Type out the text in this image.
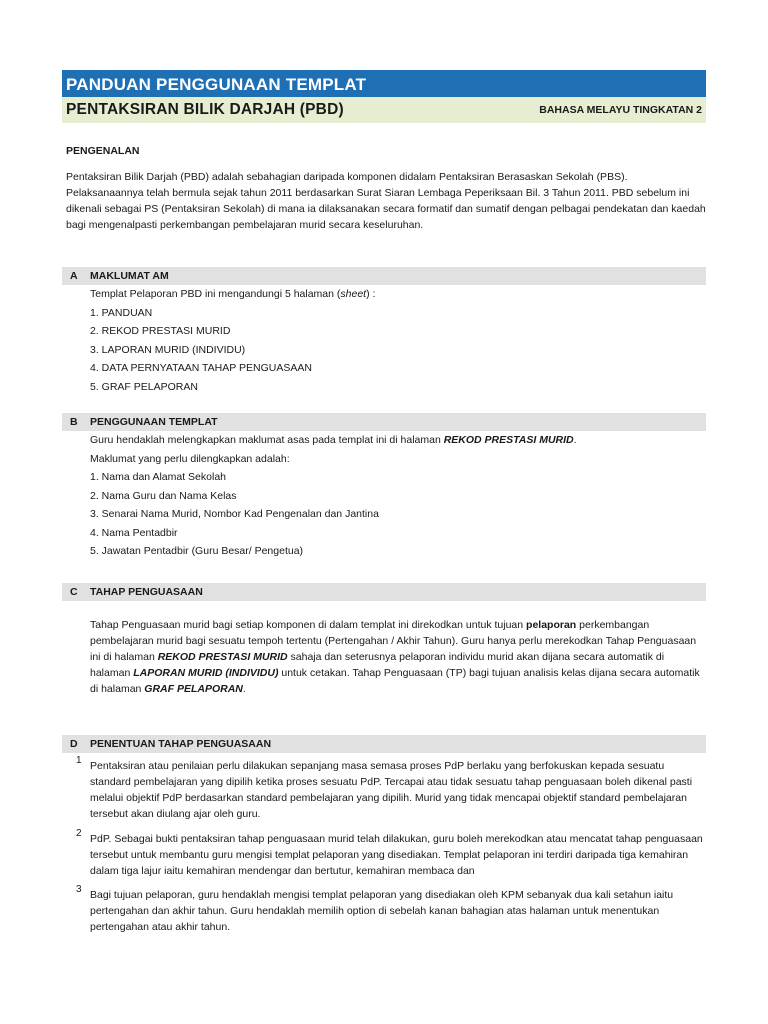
PANDUAN PENGGUNAAN TEMPLAT
PENTAKSIRAN BILIK DARJAH (PBD)	BAHASA MELAYU TINGKATAN 2
PENGENALAN
Pentaksiran Bilik Darjah (PBD) adalah sebahagian daripada komponen didalam Pentaksiran Berasaskan Sekolah (PBS). Pelaksanaannya telah bermula sejak tahun 2011 berdasarkan Surat Siaran Lembaga Peperiksaan Bil. 3 Tahun 2011. PBD sebelum ini dikenali sebagai PS (Pentaksiran Sekolah) di mana ia dilaksanakan secara formatif dan sumatif dengan pelbagai pendekatan dan kaedah bagi mengenalpasti perkembangan pembelajaran murid secara keseluruhan.
A	MAKLUMAT AM
Templat Pelaporan PBD ini mengandungi 5 halaman (sheet) :
1. PANDUAN
2. REKOD PRESTASI MURID
3. LAPORAN MURID (INDIVIDU)
4. DATA PERNYATAAN TAHAP PENGUASAAN
5. GRAF PELAPORAN
B	PENGGUNAAN TEMPLAT
Guru hendaklah melengkapkan maklumat asas pada templat ini di halaman REKOD PRESTASI MURID.
Maklumat yang perlu dilengkapkan adalah:
1. Nama dan Alamat Sekolah
2. Nama Guru dan Nama Kelas
3. Senarai Nama Murid, Nombor Kad Pengenalan dan Jantina
4. Nama Pentadbir
5. Jawatan Pentadbir (Guru Besar/ Pengetua)
C	TAHAP PENGUASAAN
Tahap Penguasaan murid bagi setiap komponen di dalam templat ini direkodkan untuk tujuan pelaporan perkembangan pembelajaran murid bagi sesuatu tempoh tertentu (Pertengahan / Akhir Tahun). Guru hanya perlu merekodkan Tahap Penguasaan ini di halaman REKOD PRESTASI MURID sahaja dan seterusnya pelaporan individu murid akan dijana secara automatik di halaman LAPORAN MURID (INDIVIDU) untuk cetakan. Tahap Penguasaan (TP) bagi tujuan analisis kelas dijana secara automatik di halaman GRAF PELAPORAN.
D	PENENTUAN TAHAP PENGUASAAN
1 Pentaksiran atau penilaian perlu dilakukan sepanjang masa semasa proses PdP berlaku yang berfokuskan kepada sesuatu standard pembelajaran yang dipilih ketika proses sesuatu PdP. Tercapai atau tidak sesuatu tahap penguasaan boleh dikenal pasti melalui objektif PdP berdasarkan standard pembelajaran yang dipilih. Murid yang tidak mencapai objektif standard pembelajaran tersebut akan diulang ajar oleh guru.
2 PdP. Sebagai bukti pentaksiran tahap penguasaan murid telah dilakukan, guru boleh merekodkan atau mencatat tahap penguasaan tersebut untuk membantu guru mengisi templat pelaporan yang disediakan. Templat pelaporan ini terdiri daripada tiga kemahiran dalam tiga lajur iaitu kemahiran mendengar dan bertutur, kemahiran membaca dan
3 Bagi tujuan pelaporan, guru hendaklah mengisi templat pelaporan yang disediakan oleh KPM sebanyak dua kali setahun iaitu pertengahan dan akhir tahun. Guru hendaklah memilih option di sebelah kanan bahagian atas halaman untuk menentukan pertengahan atau akhir tahun.
